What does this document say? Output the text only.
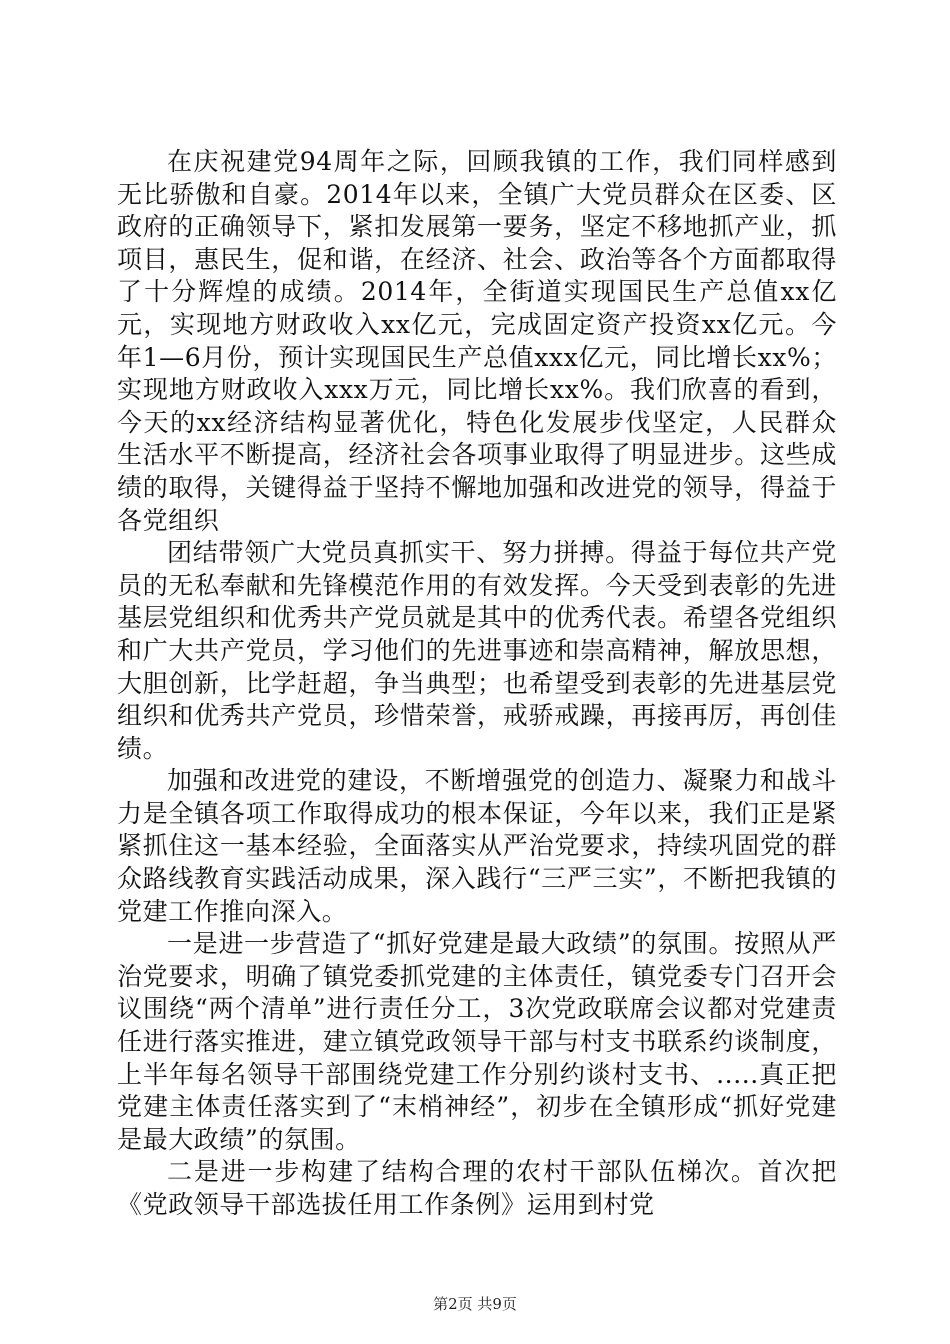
在庆祝建党94周年之际，回顾我镇的工作，我们同样感到无比骄傲和自豪。2014年以来，全镇广大党员群众在区委、区政府的正确领导下，紧扣发展第一要务，坚定不移地抓产业，抓项目，惠民生，促和谐，在经济、社会、政治等各个方面都取得了十分辉煌的成绩。2014年，全街道实现国民生产总值xx亿元，实现地方财政收入xx亿元，完成固定资产投资xx亿元。今年1—6月份，预计实现国民生产总值xxx亿元，同比增长xx%；实现地方财政收入xxx万元，同比增长xx%。我们欣喜的看到，今天的xx经济结构显著优化，特色化发展步伐坚定，人民群众生活水平不断提高，经济社会各项事业取得了明显进步。这些成绩的取得，关键得益于坚持不懈地加强和改进党的领导，得益于各党组织

团结带领广大党员真抓实干、努力拼搏。得益于每位共产党员的无私奉献和先锋模范作用的有效发挥。今天受到表彰的先进基层党组织和优秀共产党员就是其中的优秀代表。希望各党组织和广大共产党员，学习他们的先进事迹和崇高精神，解放思想，大胆创新，比学赶超，争当典型；也希望受到表彰的先进基层党组织和优秀共产党员，珍惜荣誉，戒骄戒躁，再接再厉，再创佳绩。

加强和改进党的建设，不断增强党的创造力、凝聚力和战斗力是全镇各项工作取得成功的根本保证，今年以来，我们正是紧紧抓住这一基本经验，全面落实从严治党要求，持续巩固党的群众路线教育实践活动成果，深入践行“三严三实”，不断把我镇的党建工作推向深入。

一是进一步营造了“抓好党建是最大政绩”的氛围。按照从严治党要求，明确了镇党委抓党建的主体责任，镇党委专门召开会议围绕“两个清单”进行责任分工，3次党政联席会议都对党建责任进行落实推进，建立镇党政领导干部与村支书联系约谈制度，上半年每名领导干部围绕党建工作分别约谈村支书、.....真正把党建主体责任落实到了“末梢神经”，初步在全镇形成“抓好党建是最大政绩”的氛围。

二是进一步构建了结构合理的农村干部队伍梯次。首次把《党政领导干部选拔任用工作条例》运用到村党

第2页 共9页
